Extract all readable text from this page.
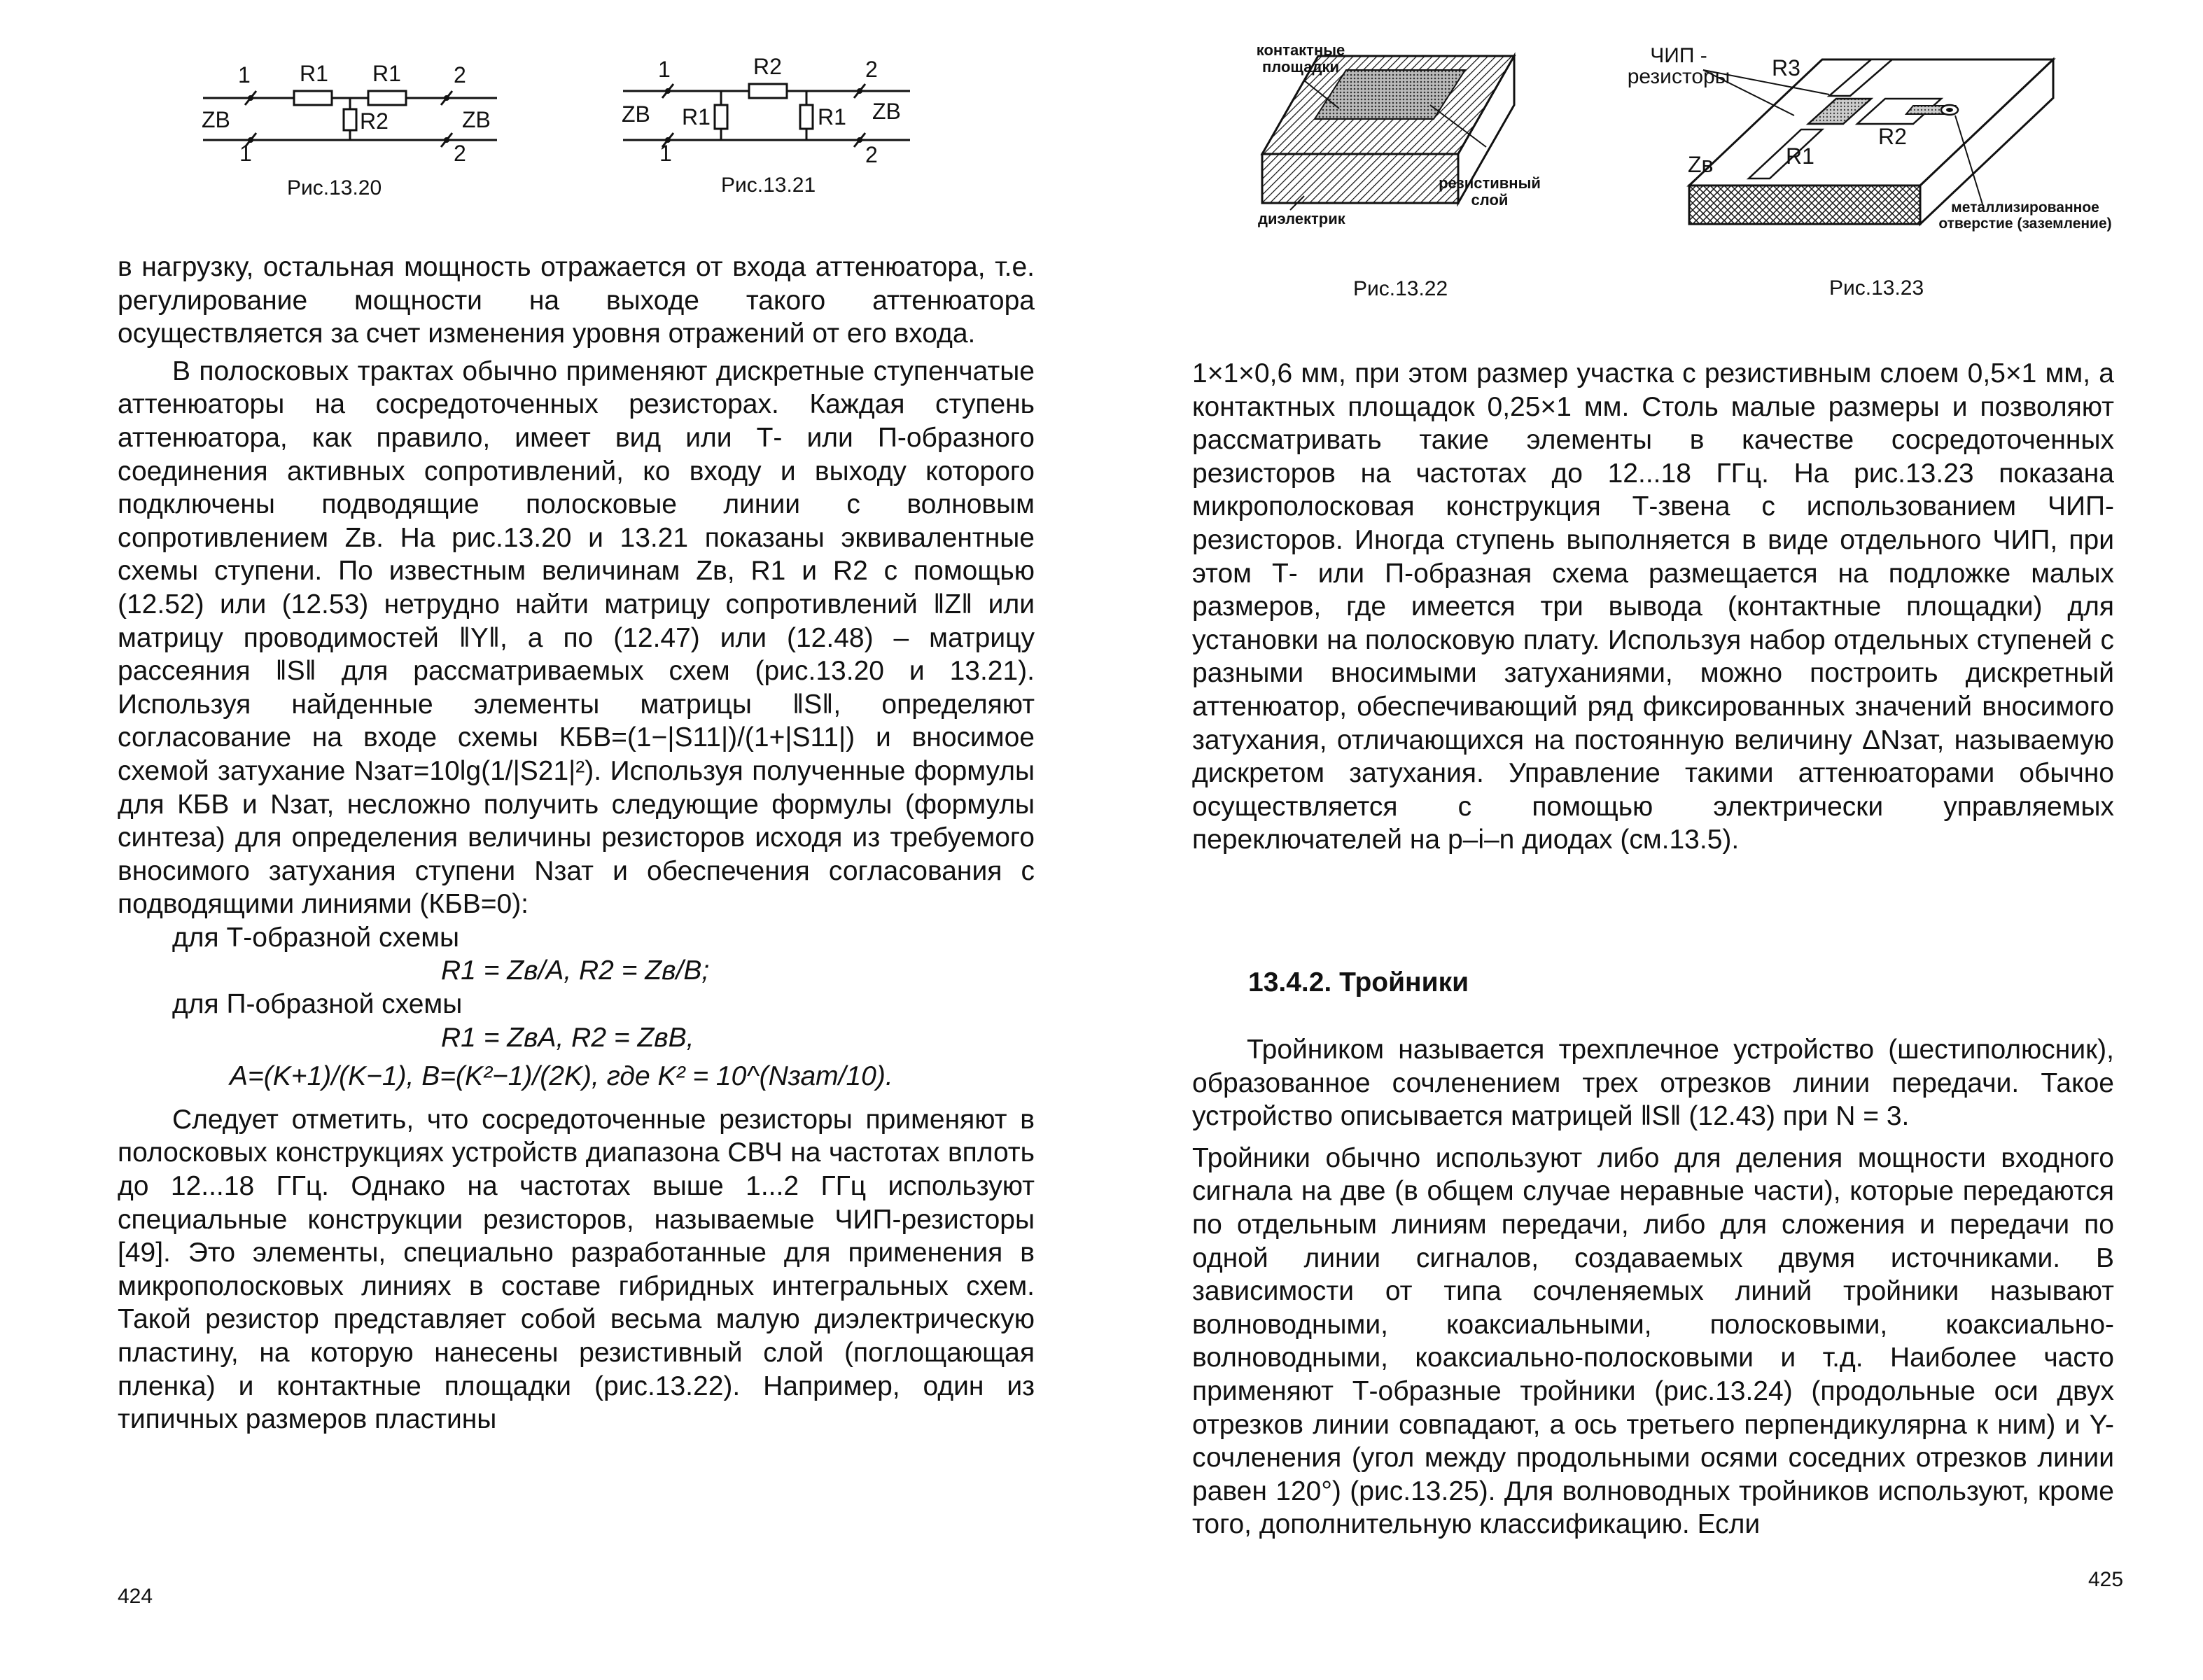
1
1
2
2
R1 R1
R2
ZВ	ZВ
Рис.13.20
1
1
2
2
R2
R1	R1
ZВ	ZВ
Рис.13.21

в нагрузку, остальная мощность отражается от входа аттенюатора, т.е. регулирование мощности на выходе такого аттенюатора осуществляется за счет изменения уровня отражений от его входа.

В полосковых трактах обычно применяют дискретные ступенчатые аттенюаторы на сосредоточенных резисторах. Каждая ступень аттенюатора, как правило, имеет вид или Т- или П-образного соединения активных сопротивлений, ко входу и выходу которого подключены подводящие полосковые линии с волновым сопротивлением Zв. На рис.13.20 и 13.21 показаны эквивалентные схемы ступени. По известным величинам Zв, R1 и R2 с помощью (12.52) или (12.53) нетрудно найти матрицу сопротивлений ‖Z‖ или матрицу проводимостей ‖Y‖, а по (12.47) или (12.48) – матрицу рассеяния ‖S‖ для рассматриваемых схем (рис.13.20 и 13.21). Используя найденные элементы матрицы ‖S‖, определяют согласование на входе схемы КБВ=(1−|S11|)/(1+|S11|) и вносимое схемой затухание Nзат=10lg(1/|S21|²). Используя полученные формулы для КБВ и Nзат, несложно получить следующие формулы (формулы синтеза) для определения величины резисторов исходя из требуемого вносимого затухания ступени Nзат и обеспечения согласования с подводящими линиями (КБВ=0):

для Т-образной схемы

R1 = Zв/A, R2 = Zв/B;

для П-образной схемы

R1 = ZвA, R2 = ZвB,

A=(K+1)/(K−1), B=(K²−1)/(2K), где K² = 10^(Nзат/10).

Следует отметить, что сосредоточенные резисторы применяют в полосковых конструкциях устройств диапазона СВЧ на частотах вплоть до 12...18 ГГц. Однако на частотах выше 1...2 ГГц используют специальные конструкции резисторов, называемые ЧИП-резисторы [49]. Это элементы, специально разработанные для применения в микрополосковых линиях в составе гибридных интегральных схем. Такой резистор представляет собой весьма малую диэлектрическую пластину, на которую нанесены резистивный слой (поглощающая пленка) и контактные площадки (рис.13.22). Например, один из типичных размеров пластины

424
контактные площадки
резистивный слой
диэлектрик
Рис.13.22
ЧИП - резисторы R3
R2
R1
Zв
металлизированное отверстие (заземление)
Рис.13.23

1×1×0,6 мм, при этом размер участка с резистивным слоем 0,5×1 мм, а контактных площадок 0,25×1 мм. Столь малые размеры и позволяют рассматривать такие элементы в качестве сосредоточенных резисторов на частотах до 12...18 ГГц. На рис.13.23 показана микрополосковая конструкция Т-звена с использованием ЧИП-резисторов. Иногда ступень выполняется в виде отдельного ЧИП, при этом Т- или П-образная схема размещается на подложке малых размеров, где имеется три вывода (контактные площадки) для установки на полосковую плату. Используя набор отдельных ступеней с разными вносимыми затуханиями, можно построить дискретный аттенюатор, обеспечивающий ряд фиксированных значений вносимого затухания, отличающихся на постоянную величину ΔNзат, называемую дискретом затухания. Управление такими аттенюаторами обычно осуществляется с помощью электрически управляемых переключателей на p–i–n диодах (см.13.5).

13.4.2. Тройники

Тройником называется трехплечное устройство (шестиполюсник), образованное сочленением трех отрезков линии передачи. Такое устройство описывается матрицей ‖S‖ (12.43) при N = 3.

Тройники обычно используют либо для деления мощности входного сигнала на две (в общем случае неравные части), которые передаются по отдельным линиям передачи, либо для сложения и передачи по одной линии сигналов, создаваемых двумя источниками. В зависимости от типа сочленяемых линий тройники называют волноводными, коаксиальными, полосковыми, коаксиально-волноводными, коаксиально-полосковыми и т.д. Наиболее часто применяют Т-образные тройники (рис.13.24) (продольные оси двух отрезков линии совпадают, а ось третьего перпендикулярна к ним) и Y-сочленения (угол между продольными осями соседних отрезков линии равен 120°) (рис.13.25). Для волноводных тройников используют, кроме того, дополнительную классификацию. Если

425
